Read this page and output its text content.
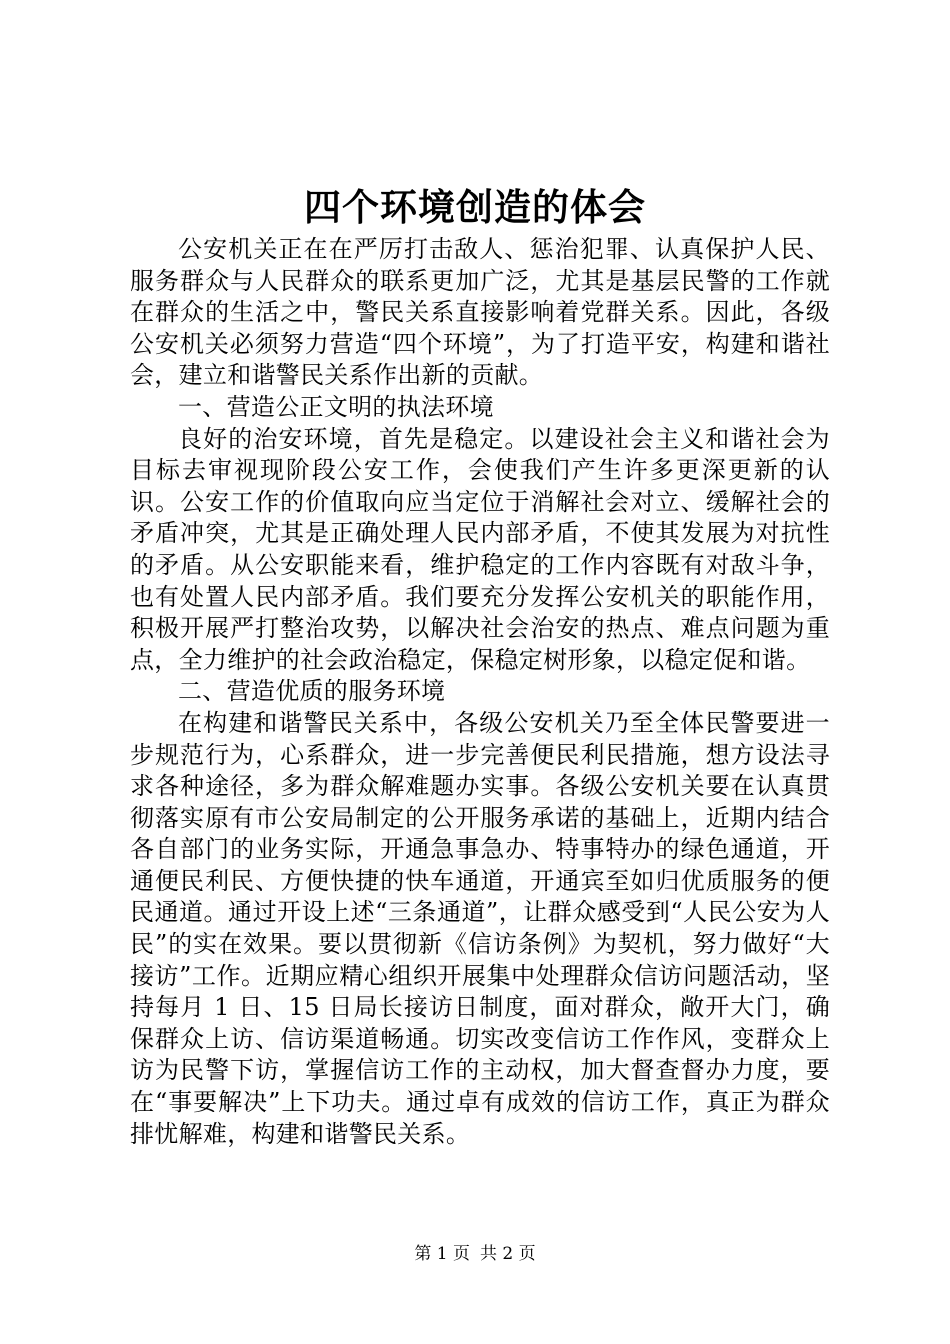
四个环境创造的体会

公安机关正在在严厉打击敌人、惩治犯罪、认真保护人民、服务群众与人民群众的联系更加广泛，尤其是基层民警的工作就在群众的生活之中，警民关系直接影响着党群关系。因此，各级公安机关必须努力营造“四个环境”，为了打造平安，构建和谐社会，建立和谐警民关系作出新的贡献。

一、营造公正文明的执法环境

良好的治安环境，首先是稳定。以建设社会主义和谐社会为目标去审视现阶段公安工作，会使我们产生许多更深更新的认识。公安工作的价值取向应当定位于消解社会对立、缓解社会的矛盾冲突，尤其是正确处理人民内部矛盾，不使其发展为对抗性的矛盾。从公安职能来看，维护稳定的工作内容既有对敌斗争，也有处置人民内部矛盾。我们要充分发挥公安机关的职能作用，积极开展严打整治攻势，以解决社会治安的热点、难点问题为重点，全力维护的社会政治稳定，保稳定树形象，以稳定促和谐。

二、营造优质的服务环境

在构建和谐警民关系中，各级公安机关乃至全体民警要进一步规范行为，心系群众，进一步完善便民利民措施，想方设法寻求各种途径，多为群众解难题办实事。各级公安机关要在认真贯彻落实原有市公安局制定的公开服务承诺的基础上，近期内结合各自部门的业务实际，开通急事急办、特事特办的绿色通道，开通便民利民、方便快捷的快车通道，开通宾至如归优质服务的便民通道。通过开设上述“三条通道”，让群众感受到“人民公安为人民”的实在效果。要以贯彻新《信访条例》为契机，努力做好“大接访”工作。近期应精心组织开展集中处理群众信访问题活动，坚持每月 1 日、15 日局长接访日制度，面对群众，敞开大门，确保群众上访、信访渠道畅通。切实改变信访工作作风，变群众上访为民警下访，掌握信访工作的主动权，加大督查督办力度，要在“事要解决”上下功夫。通过卓有成效的信访工作，真正为群众排忧解难，构建和谐警民关系。

第 1 页 共 2 页
